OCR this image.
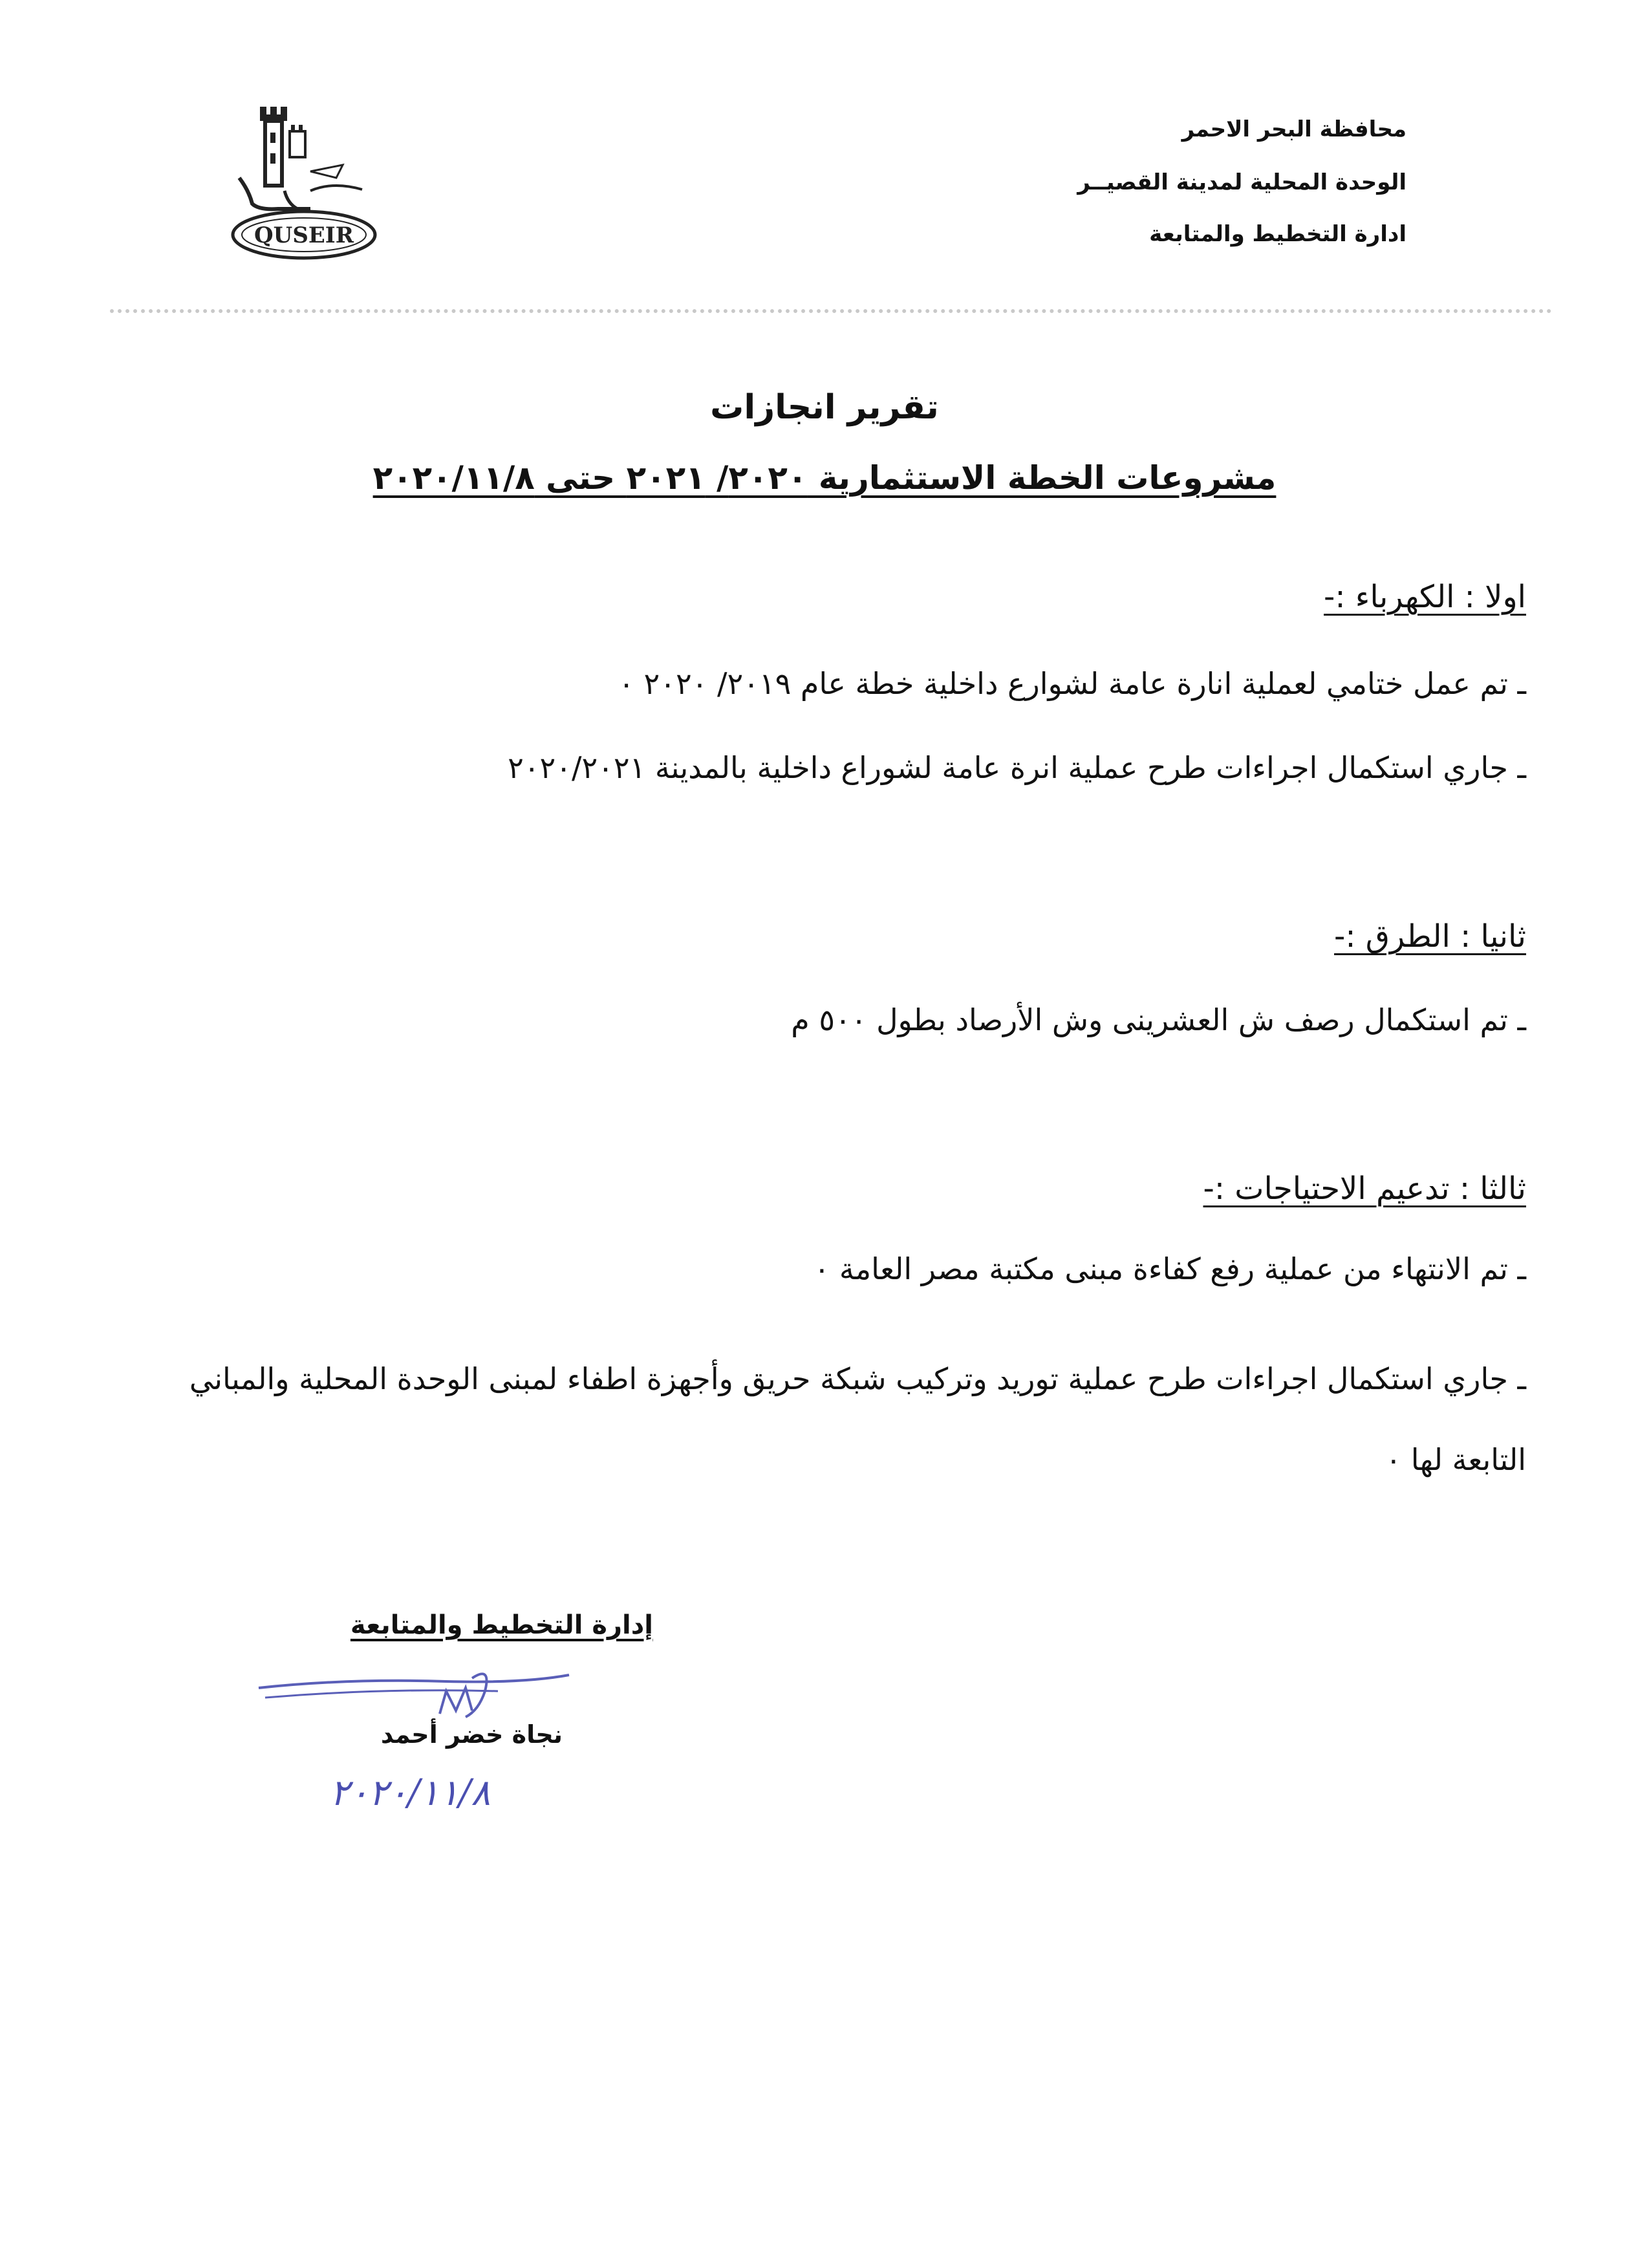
محافظة البحر الاحمر
الوحدة المحلية لمدينة القصيــر
ادارة التخطيط والمتابعة
QUSEIR
تقرير انجازات
مشروعات الخطة الاستثمارية ٢٠٢٠/ ٢٠٢١ حتى ٢٠٢٠/١١/٨
اولا : الكهرباء :-
ـ تم عمل ختامي لعملية انارة عامة لشوارع داخلية خطة عام ٢٠١٩/ ٢٠٢٠ ٠
ـ جاري استكمال اجراءات طرح عملية انرة عامة لشوراع داخلية بالمدينة ٢٠٢٠/٢٠٢١
ثانيا : الطرق :-
ـ تم استكمال رصف ش العشرينى وش الأرصاد بطول ٥٠٠ م
ثالثا : تدعيم الاحتياجات :-
ـ تم الانتهاء من عملية رفع كفاءة مبنى مكتبة مصر العامة ٠
ـ جاري استكمال اجراءات طرح عملية توريد وتركيب شبكة حريق وأجهزة اطفاء لمبنى الوحدة المحلية والمباني التابعة لها ٠
إدارة التخطيط والمتابعة
نجاة خضر أحمد
٢٠٢٠/١١/٨
